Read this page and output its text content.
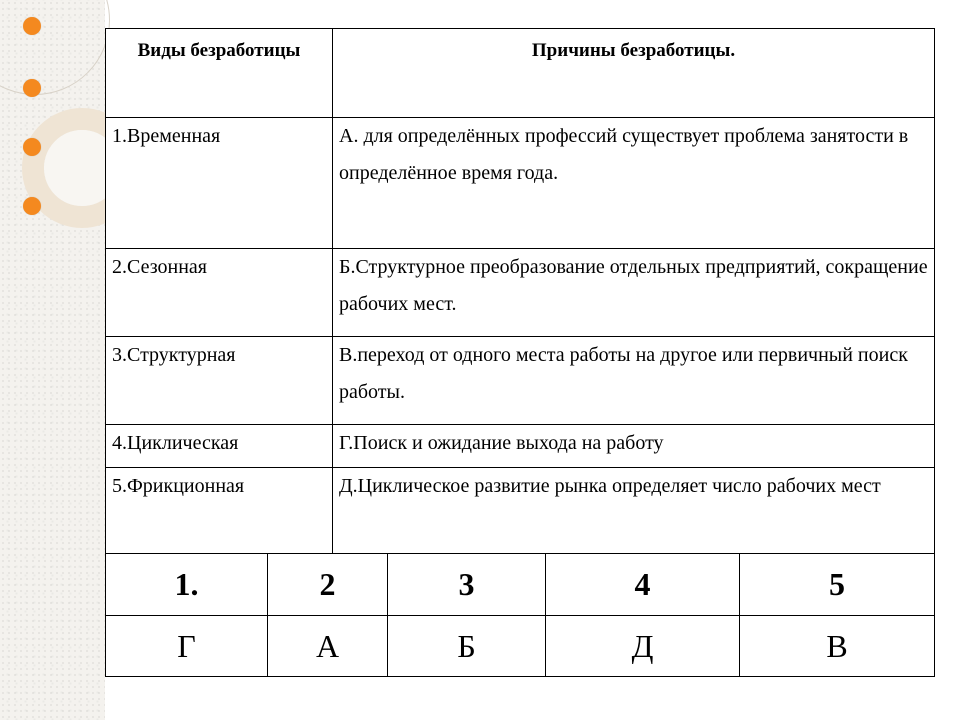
Виды безработицы	Причины безработицы.
1.Временная	А. для определённых профессий существует проблема занятости в определённое время года.
2.Сезонная	Б.Структурное преобразование отдельных предприятий, сокращение рабочих мест.
3.Структурная	В.переход от одного места работы на другое или первичный поиск работы.
4.Циклическая	Г.Поиск и ожидание выхода на работу
5.Фрикционная	Д.Циклическое развитие рынка определяет число рабочих мест
1.	2	3	4	5
Г	А	Б	Д	В
